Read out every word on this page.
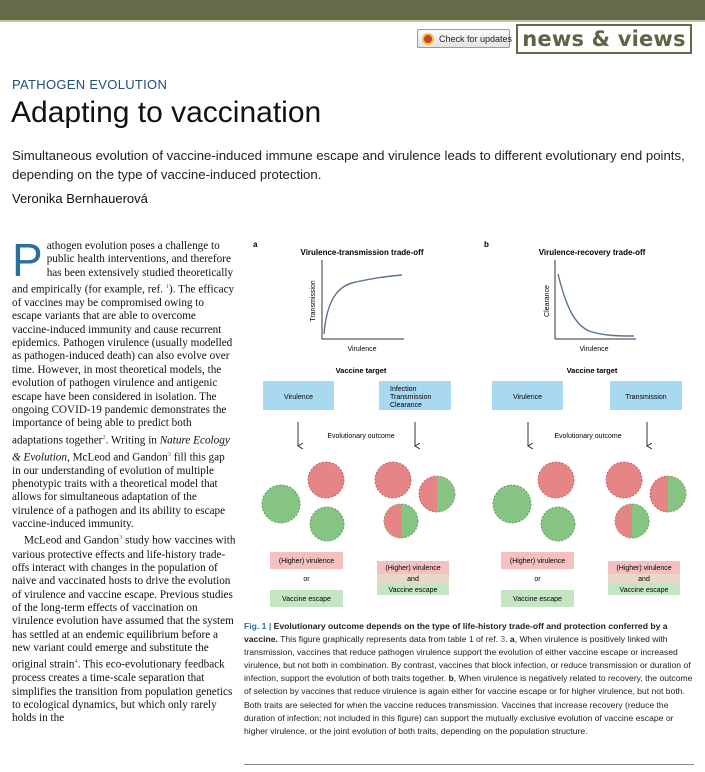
Check for updates news & views
PATHOGEN EVOLUTION
Adapting to vaccination

Simultaneous evolution of vaccine-induced immune escape and virulence leads to different evolutionary end points, depending on the type of vaccine-induced protection.

Veronika Bernhauerová

Pathogen evolution poses a challenge to public health interventions, and therefore has been extensively studied theoretically and empirically (for example, ref. $^1$). The efficacy of vaccines may be compromised owing to escape variants that are able to overcome vaccine-induced immunity and cause recurrent epidemics. Pathogen virulence (usually modelled as pathogen-induced death) can also evolve over time. However, in most theoretical models, the evolution of pathogen virulence and antigenic escape have been considered in isolation. The ongoing COVID-19 pandemic demonstrates the importance of being able to predict both adaptations together$^2$. Writing in Nature Ecology & Evolution, McLeod and Gandon$^3$ fill this gap in our understanding of evolution of multiple phenotypic traits with a theoretical model that allows for simultaneous adaptation of the virulence of a pathogen and its ability to escape vaccine-induced immunity.

McLeod and Gandon$^3$ study how vaccines with various protective effects and life-history trade-offs interact with changes in the population of naive and vaccinated hosts to drive the evolution of virulence and vaccine escape. Previous studies of the long-term effects of vaccination on virulence evolution have assumed that the system has settled at an endemic equilibrium before a new variant could emerge and substitute the original strain$^4$. This eco-evolutionary feedback process creates a time-scale separation that simplifies the transition from population genetics to ecological dynamics, but which only rarely holds in the

a
Virulence-transmission trade-off
Transmission
Virulence
Vaccine target
Virulence
Infection
Transmission
Clearance
Evolutionary outcome
(Higher) virulence
or
Vaccine escape
(Higher) virulence
and
Vaccine escape
b
Virulence-recovery trade-off
Clearance
Virulence
Vaccine target
Virulence	Transmission
Evolutionary outcome
(Higher) virulence
or
Vaccine escape
(Higher) virulence
and
Vaccine escape
Fig. 1 | Evolutionary outcome depends on the type of life-history trade-off and protection conferred by a vaccine. This figure graphically represents data from table 1 of ref. 3. a, When virulence is positively linked with transmission, vaccines that reduce pathogen virulence support the evolution of either vaccine escape or increased virulence, but not both in combination. By contrast, vaccines that block infection, or reduce transmission or duration of infection, support the evolution of both traits together. b, When virulence is negatively related to recovery, the outcome of selection by vaccines that reduce virulence is again either for vaccine escape or for higher virulence, but not both. Both traits are selected for when the vaccine reduces transmission. Vaccines that increase recovery (reduce the duration of infection; not included in this figure) can support the mutually exclusive evolution of vaccine escape or higher virulence, or the joint evolution of both traits, depending on the population structure.
